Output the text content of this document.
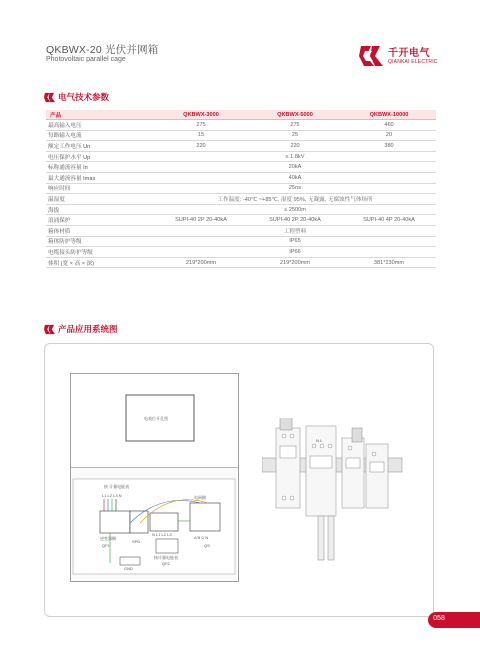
QKBWX-20 光伏并网箱
Photovoltaic parallel cage
千开电气
QIANKAI ELECTRIC
电气技术参数
产品	QKBWX-3000	QKBWX-5000	QKBWX-10000
最高输入电压	275	275	460
每路输入电流	15	25	20
额定工作电压 Un	220	220	380
电压保护水平 Up	≤ 1.8kV		
标称通流容量 In	20kA		
最大通流容量 Imax	40kA		
响应时间	25ns		
温湿度	工作温度: -40℃ ~+85℃, 湿度 95%, 无凝露, 无腐蚀性气体场所		
海拔	≤ 2500m		
浪涌保护	SUPI-40 2P 20-40kA	SUPI-40 2P 20-40kA	SUPI-40 4P 20-40kA
箱体材质	工程塑料		
箱体防护等级	IP65		
电缆接头防护等级	IP66		
体积 (宽 × 高 × 深)	219*200mm	219*200mm	381*230mm
产品应用系统图
接 计量电能表
L1 L2 L3 N
逆变器侧
QF1
SPD
GND
电网侧
A B C N
QS
N L1 L2 L3
接计量电能表
QF2
电表位开孔图
N L
058
